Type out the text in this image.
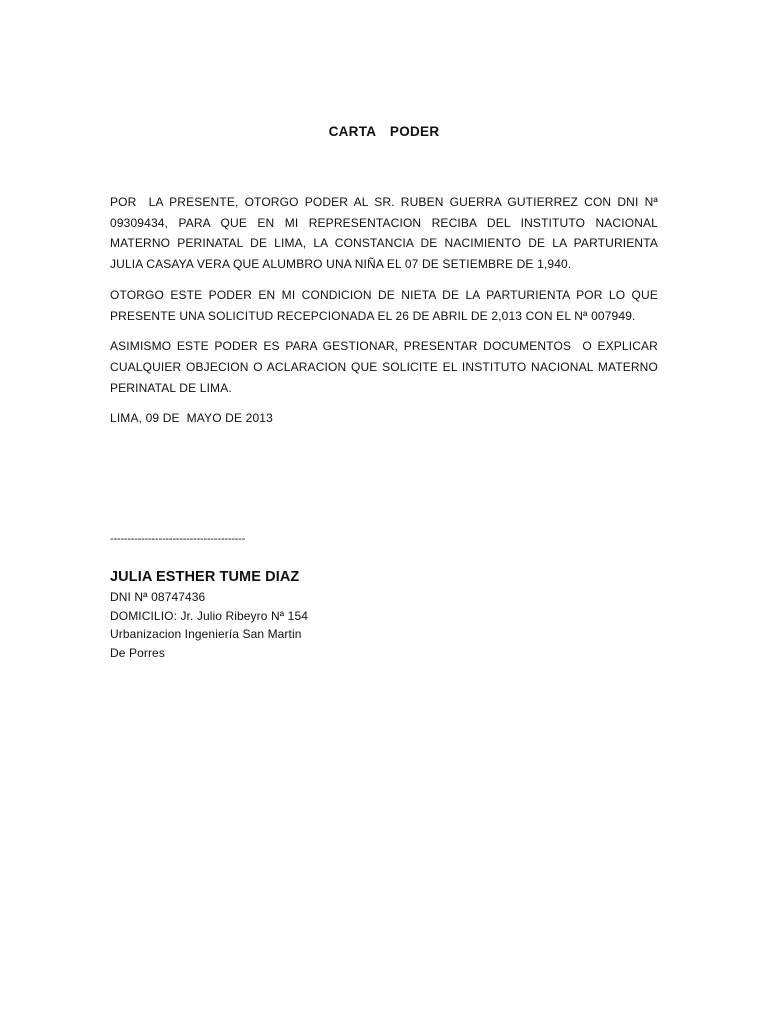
CARTA  PODER

POR  LA PRESENTE, OTORGO PODER AL SR. RUBEN GUERRA GUTIERREZ CON DNI Nª 09309434, PARA QUE EN MI REPRESENTACION RECIBA DEL INSTITUTO NACIONAL MATERNO PERINATAL DE LIMA, LA CONSTANCIA DE NACIMIENTO DE LA PARTURIENTA JULIA CASAYA VERA QUE ALUMBRO UNA NIÑA EL 07 DE SETIEMBRE DE 1,940.

OTORGO ESTE PODER EN MI CONDICION DE NIETA DE LA PARTURIENTA POR LO QUE PRESENTE UNA SOLICITUD RECEPCIONADA EL 26 DE ABRIL DE 2,013 CON EL Nª 007949.

ASIMISMO ESTE PODER ES PARA GESTIONAR, PRESENTAR DOCUMENTOS  O EXPLICAR CUALQUIER OBJECION O ACLARACION QUE SOLICITE EL INSTITUTO NACIONAL MATERNO PERINATAL DE LIMA.

LIMA, 09 DE  MAYO DE 2013

---------------------------------------
JULIA ESTHER TUME DIAZ
DNI Nª 08747436
DOMICILIO: Jr. Julio Ribeyro Nª 154
Urbanizacion Ingeniería San Martin
De Porres
